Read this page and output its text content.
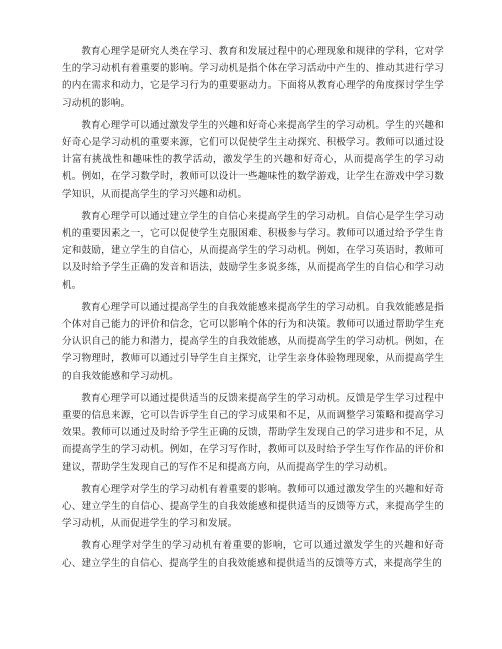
教育心理学是研究人类在学习、教育和发展过程中的心理现象和规律的学科，它对学生的学习动机有着重要的影响。学习动机是指个体在学习活动中产生的、推动其进行学习的内在需求和动力，它是学习行为的重要驱动力。下面将从教育心理学的角度探讨学生学习动机的影响。

教育心理学可以通过激发学生的兴趣和好奇心来提高学生的学习动机。学生的兴趣和好奇心是学习动机的重要来源，它们可以促使学生主动探究、积极学习。教师可以通过设计富有挑战性和趣味性的教学活动，激发学生的兴趣和好奇心，从而提高学生的学习动机。例如，在学习数学时，教师可以设计一些趣味性的数学游戏，让学生在游戏中学习数学知识，从而提高学生的学习兴趣和动机。

教育心理学可以通过建立学生的自信心来提高学生的学习动机。自信心是学生学习动机的重要因素之一，它可以促使学生克服困难、积极参与学习。教师可以通过给予学生肯定和鼓励，建立学生的自信心，从而提高学生的学习动机。例如，在学习英语时，教师可以及时给予学生正确的发音和语法，鼓励学生多说多练，从而提高学生的自信心和学习动机。

教育心理学可以通过提高学生的自我效能感来提高学生的学习动机。自我效能感是指个体对自己能力的评价和信念，它可以影响个体的行为和决策。教师可以通过帮助学生充分认识自己的能力和潜力，提高学生的自我效能感，从而提高学生的学习动机。例如，在学习物理时，教师可以通过引导学生自主探究，让学生亲身体验物理现象，从而提高学生的自我效能感和学习动机。

教育心理学可以通过提供适当的反馈来提高学生的学习动机。反馈是学生学习过程中重要的信息来源，它可以告诉学生自己的学习成果和不足，从而调整学习策略和提高学习效果。教师可以通过及时给予学生正确的反馈，帮助学生发现自己的学习进步和不足，从而提高学生的学习动机。例如，在学习写作时，教师可以及时给予学生写作作品的评价和建议，帮助学生发现自己的写作不足和提高方向，从而提高学生的学习动机。

教育心理学对学生的学习动机有着重要的影响。教师可以通过激发学生的兴趣和好奇心、建立学生的自信心、提高学生的自我效能感和提供适当的反馈等方式，来提高学生的学习动机，从而促进学生的学习和发展。

教育心理学对学生的学习动机有着重要的影响，它可以通过激发学生的兴趣和好奇心、建立学生的自信心、提高学生的自我效能感和提供适当的反馈等方式，来提高学生的
